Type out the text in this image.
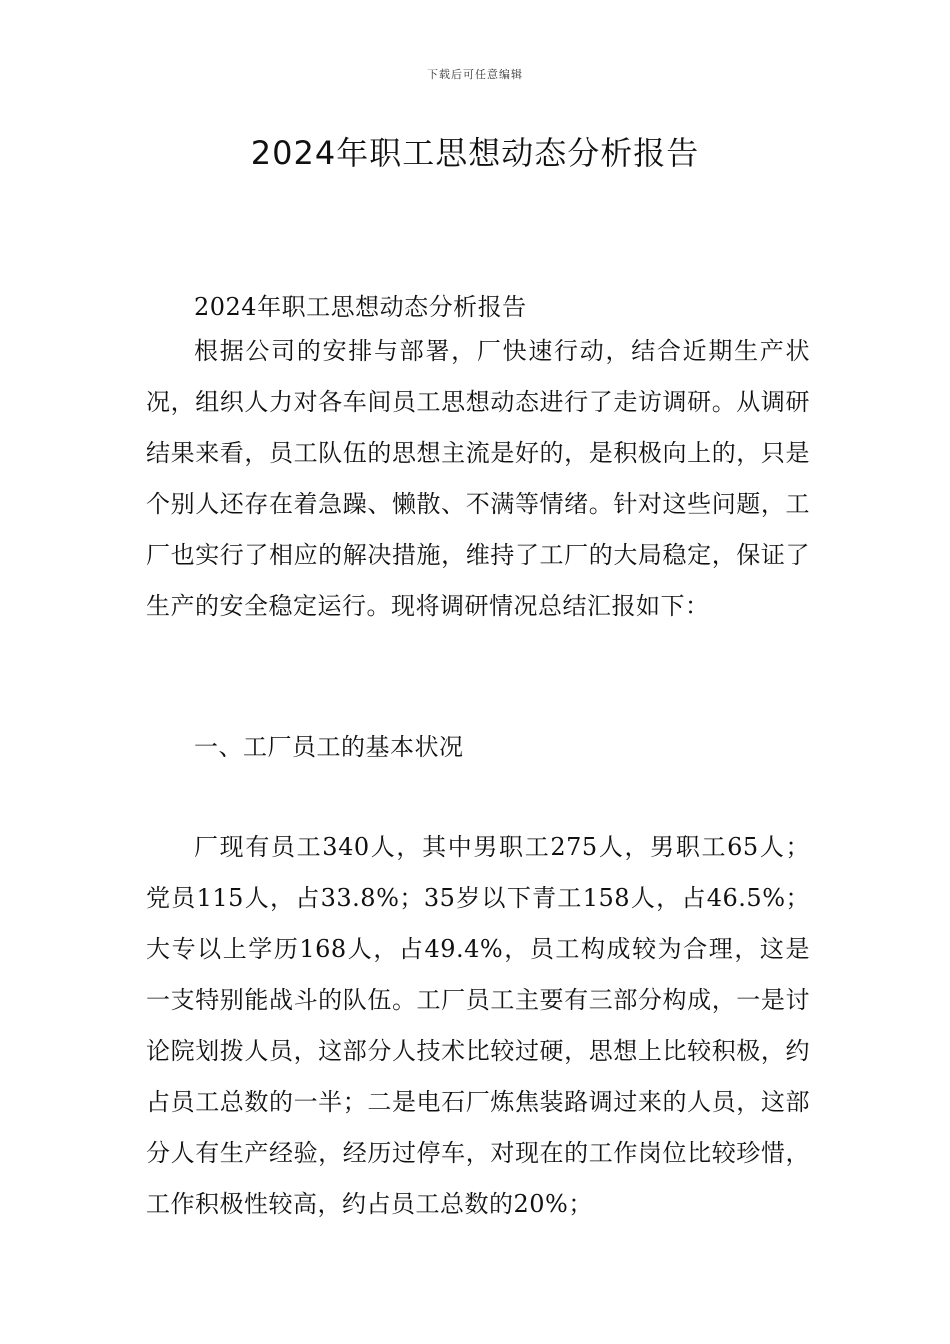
下载后可任意编辑
2024年职工思想动态分析报告

2024年职工思想动态分析报告

根据公司的安排与部署，厂快速行动，结合近期生产状况，组织人力对各车间员工思想动态进行了走访调研。从调研结果来看，员工队伍的思想主流是好的，是积极向上的，只是个别人还存在着急躁、懒散、不满等情绪。针对这些问题，工厂也实行了相应的解决措施，维持了工厂的大局稳定，保证了生产的安全稳定运行。现将调研情况总结汇报如下：

一、工厂员工的基本状况

厂现有员工340人，其中男职工275人，男职工65人；党员115人，占33.8%；35岁以下青工158人，占46.5%；大专以上学历168人，占49.4%，员工构成较为合理，这是一支特别能战斗的队伍。工厂员工主要有三部分构成，一是讨论院划拨人员，这部分人技术比较过硬，思想上比较积极，约占员工总数的一半；二是电石厂炼焦装路调过来的人员，这部分人有生产经验，经历过停车，对现在的工作岗位比较珍惜，工作积极性较高，约占员工总数的20%；
